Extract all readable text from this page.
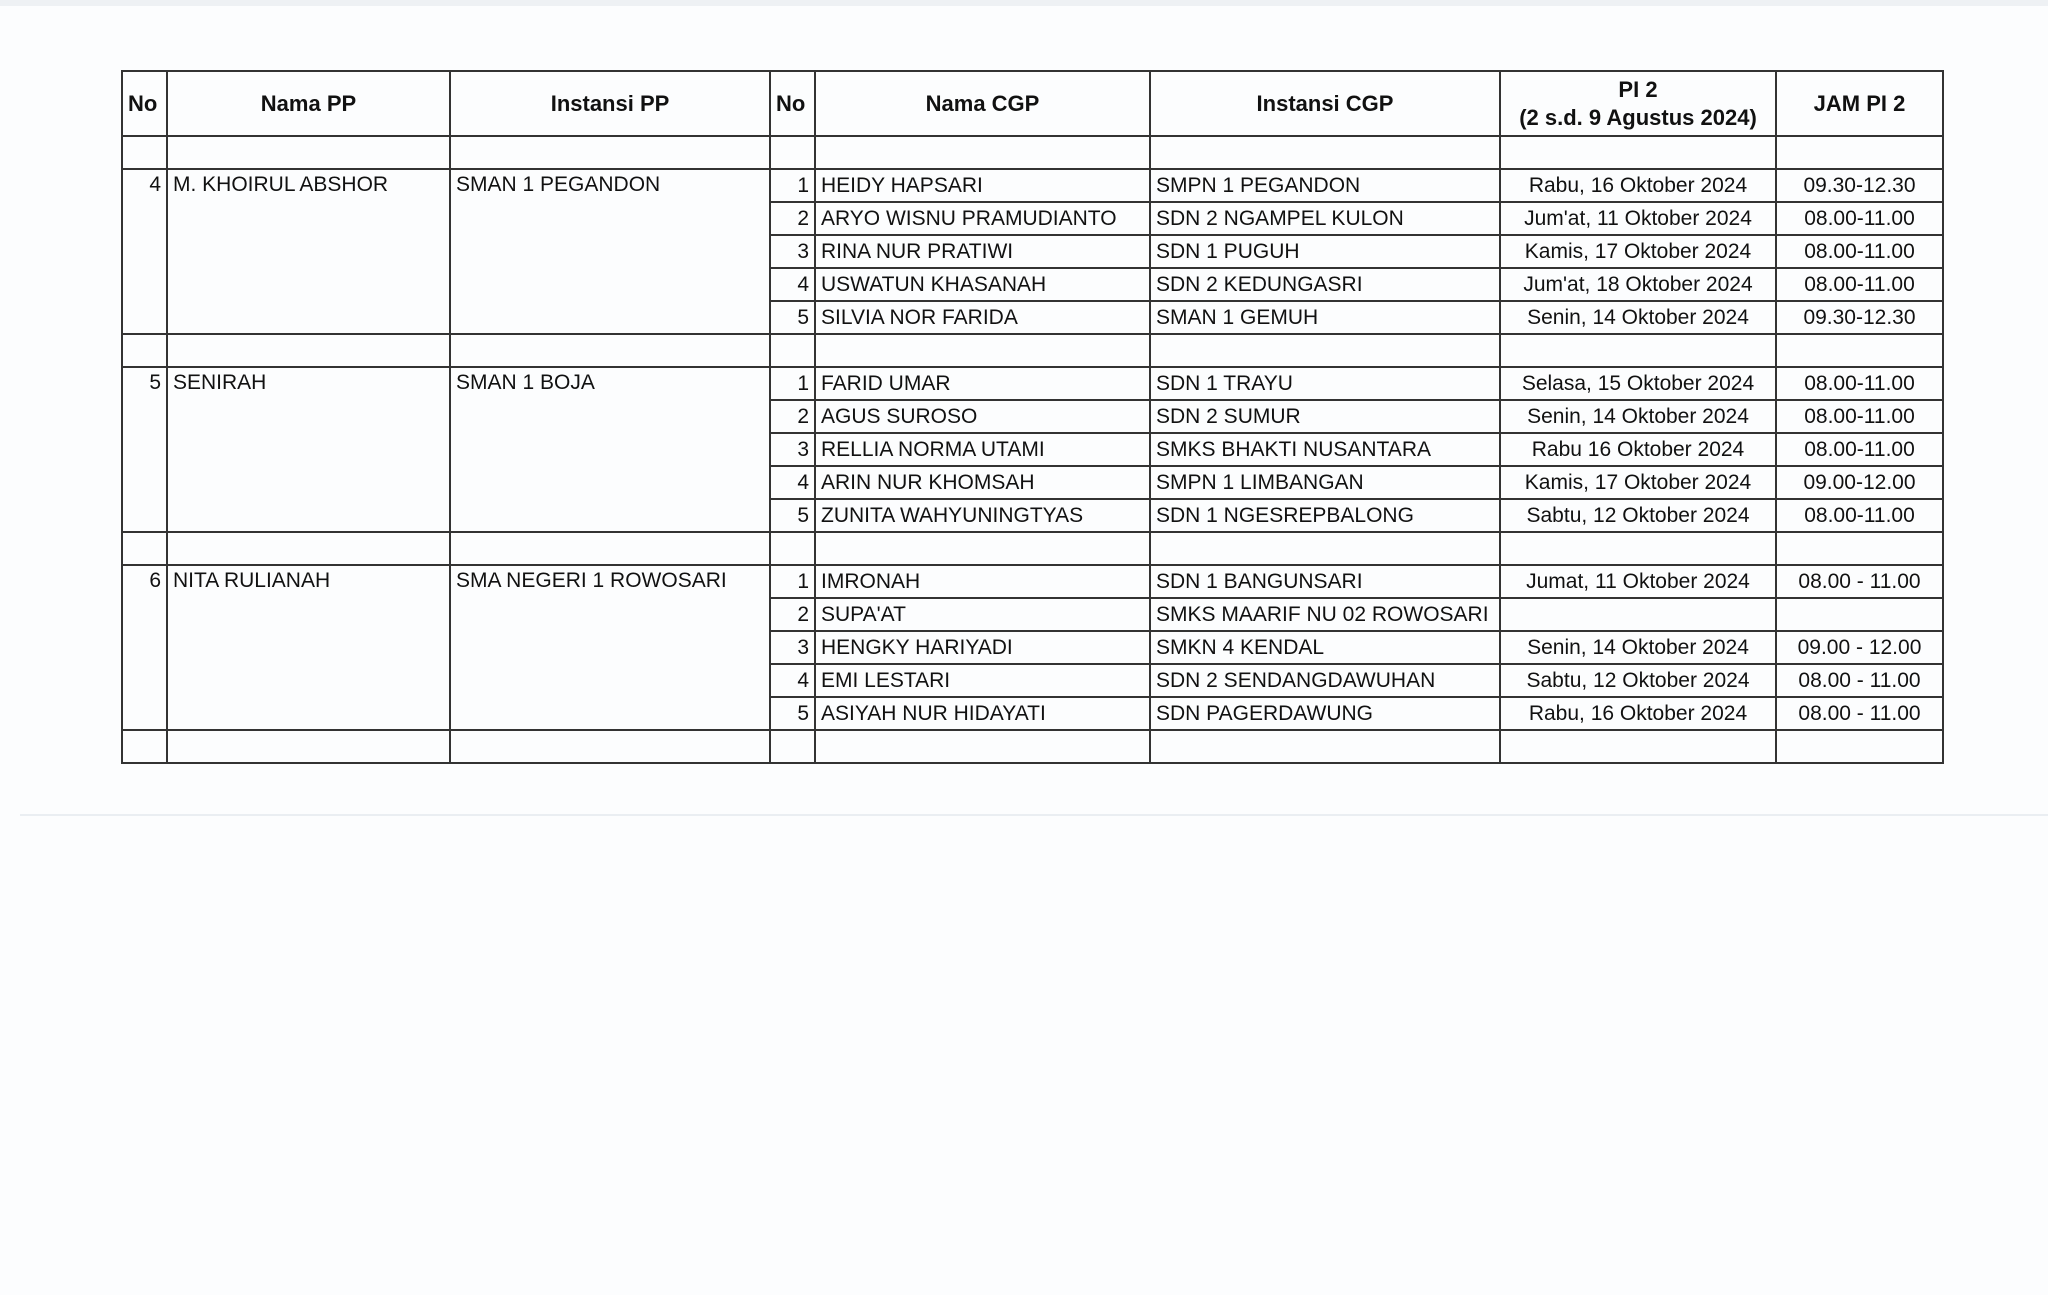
No	Nama PP	Instansi PP	No	Nama CGP	Instansi CGP	PI 2
(2 s.d. 9 Agustus 2024)	JAM PI 2

4	M. KHOIRUL ABSHOR	SMAN 1 PEGANDON	1	HEIDY HAPSARI	SMPN 1 PEGANDON	Rabu, 16 Oktober 2024	09.30-12.30
			2	ARYO WISNU PRAMUDIANTO	SDN 2 NGAMPEL KULON	Jum'at, 11 Oktober 2024	08.00-11.00
			3	RINA NUR PRATIWI	SDN 1 PUGUH	Kamis, 17 Oktober 2024	08.00-11.00
			4	USWATUN KHASANAH	SDN 2 KEDUNGASRI	Jum'at, 18 Oktober 2024	08.00-11.00
			5	SILVIA NOR FARIDA	SMAN 1 GEMUH	Senin, 14 Oktober 2024	09.30-12.30

5	SENIRAH	SMAN 1 BOJA	1	FARID UMAR	SDN 1 TRAYU	Selasa, 15 Oktober 2024	08.00-11.00
			2	AGUS SUROSO	SDN 2 SUMUR	Senin, 14 Oktober 2024	08.00-11.00
			3	RELLIA NORMA UTAMI	SMKS BHAKTI NUSANTARA	Rabu 16 Oktober 2024	08.00-11.00
			4	ARIN NUR KHOMSAH	SMPN 1 LIMBANGAN	Kamis, 17 Oktober 2024	09.00-12.00
			5	ZUNITA WAHYUNINGTYAS	SDN 1 NGESREPBALONG	Sabtu, 12 Oktober 2024	08.00-11.00

6	NITA RULIANAH	SMA NEGERI 1 ROWOSARI	1	IMRONAH	SDN 1 BANGUNSARI	Jumat, 11 Oktober 2024	08.00 - 11.00
			2	SUPA'AT	SMKS MAARIF NU 02 ROWOSARI		
			3	HENGKY HARIYADI	SMKN 4 KENDAL	Senin, 14 Oktober 2024	09.00 - 12.00
			4	EMI LESTARI	SDN 2 SENDANGDAWUHAN	Sabtu, 12 Oktober 2024	08.00 - 11.00
			5	ASIYAH NUR HIDAYATI	SDN PAGERDAWUNG	Rabu, 16 Oktober 2024	08.00 - 11.00
